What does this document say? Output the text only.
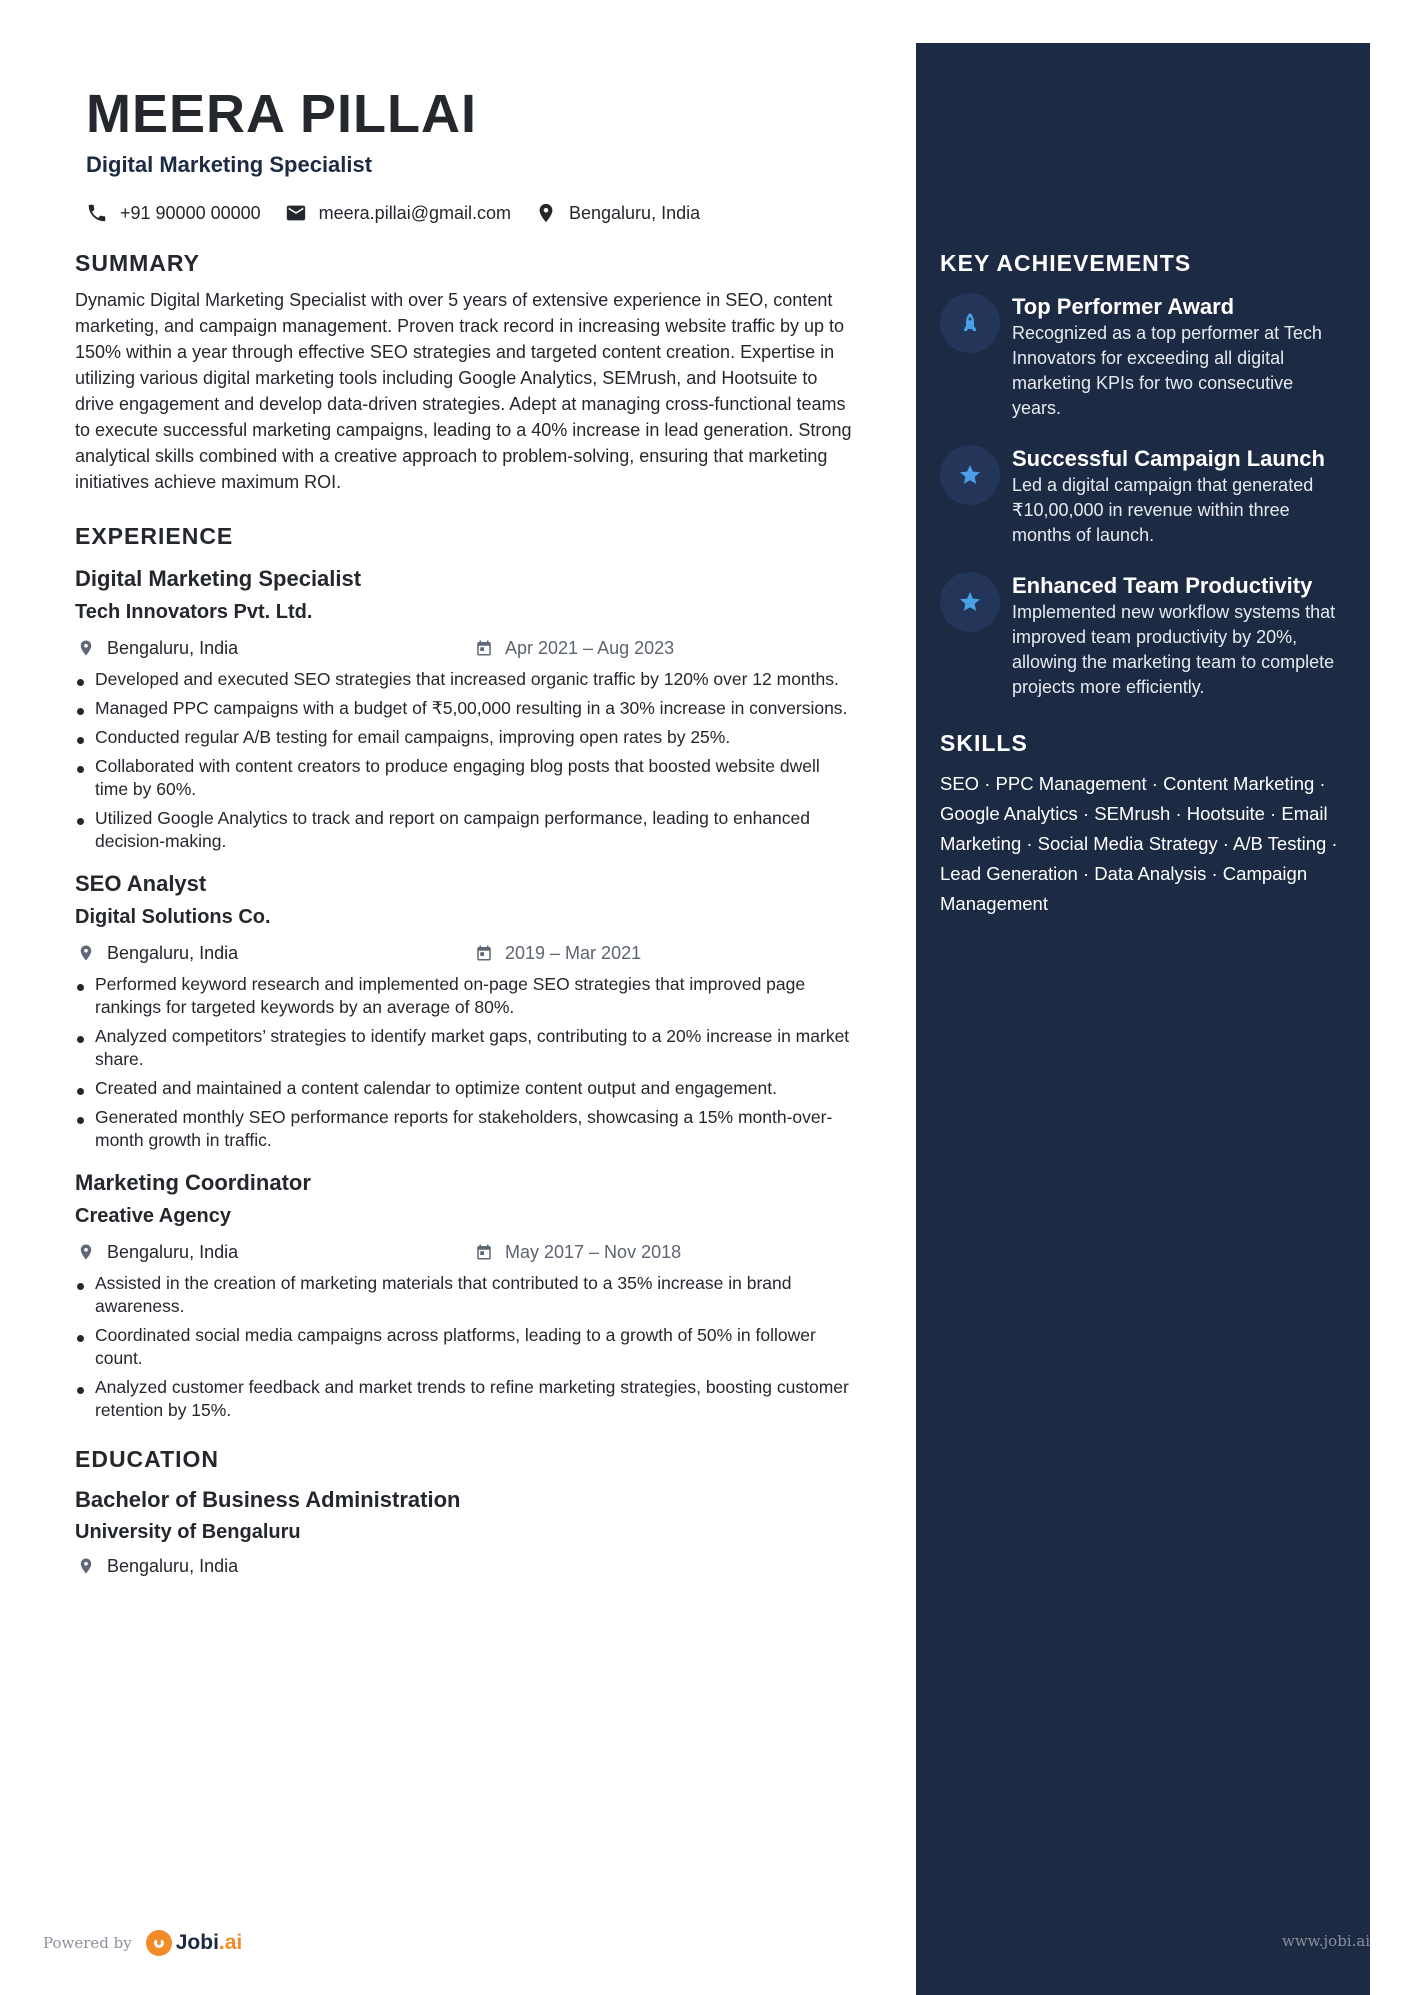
MEERA PILLAI
Digital Marketing Specialist
+91 90000 00000	meera.pillai@gmail.com	Bengaluru, India
SUMMARY
Dynamic Digital Marketing Specialist with over 5 years of extensive experience in SEO, content marketing, and campaign management. Proven track record in increasing website traffic by up to 150% within a year through effective SEO strategies and targeted content creation. Expertise in utilizing various digital marketing tools including Google Analytics, SEMrush, and Hootsuite to drive engagement and develop data-driven strategies. Adept at managing cross-functional teams to execute successful marketing campaigns, leading to a 40% increase in lead generation. Strong analytical skills combined with a creative approach to problem-solving, ensuring that marketing initiatives achieve maximum ROI.
EXPERIENCE
Digital Marketing Specialist
Tech Innovators Pvt. Ltd.
Bengaluru, India	Apr 2021 – Aug 2023
Developed and executed SEO strategies that increased organic traffic by 120% over 12 months.
Managed PPC campaigns with a budget of ₹5,00,000 resulting in a 30% increase in conversions.
Conducted regular A/B testing for email campaigns, improving open rates by 25%.
Collaborated with content creators to produce engaging blog posts that boosted website dwell time by 60%.
Utilized Google Analytics to track and report on campaign performance, leading to enhanced decision-making.
SEO Analyst
Digital Solutions Co.
Bengaluru, India	2019 – Mar 2021
Performed keyword research and implemented on-page SEO strategies that improved page rankings for targeted keywords by an average of 80%.
Analyzed competitors’ strategies to identify market gaps, contributing to a 20% increase in market share.
Created and maintained a content calendar to optimize content output and engagement.
Generated monthly SEO performance reports for stakeholders, showcasing a 15% month-over-month growth in traffic.
Marketing Coordinator
Creative Agency
Bengaluru, India	May 2017 – Nov 2018
Assisted in the creation of marketing materials that contributed to a 35% increase in brand awareness.
Coordinated social media campaigns across platforms, leading to a growth of 50% in follower count.
Analyzed customer feedback and market trends to refine marketing strategies, boosting customer retention by 15%.
EDUCATION
Bachelor of Business Administration
University of Bengaluru
Bengaluru, India
KEY ACHIEVEMENTS
Top Performer Award
Recognized as a top performer at Tech Innovators for exceeding all digital marketing KPIs for two consecutive years.
Successful Campaign Launch
Led a digital campaign that generated ₹10,00,000 in revenue within three months of launch.
Enhanced Team Productivity
Implemented new workflow systems that improved team productivity by 20%, allowing the marketing team to complete projects more efficiently.
SKILLS
SEO · PPC Management · Content Marketing · Google Analytics · SEMrush · Hootsuite · Email Marketing · Social Media Strategy · A/B Testing · Lead Generation · Data Analysis · Campaign Management
Powered by Jobi.ai	www.jobi.ai
